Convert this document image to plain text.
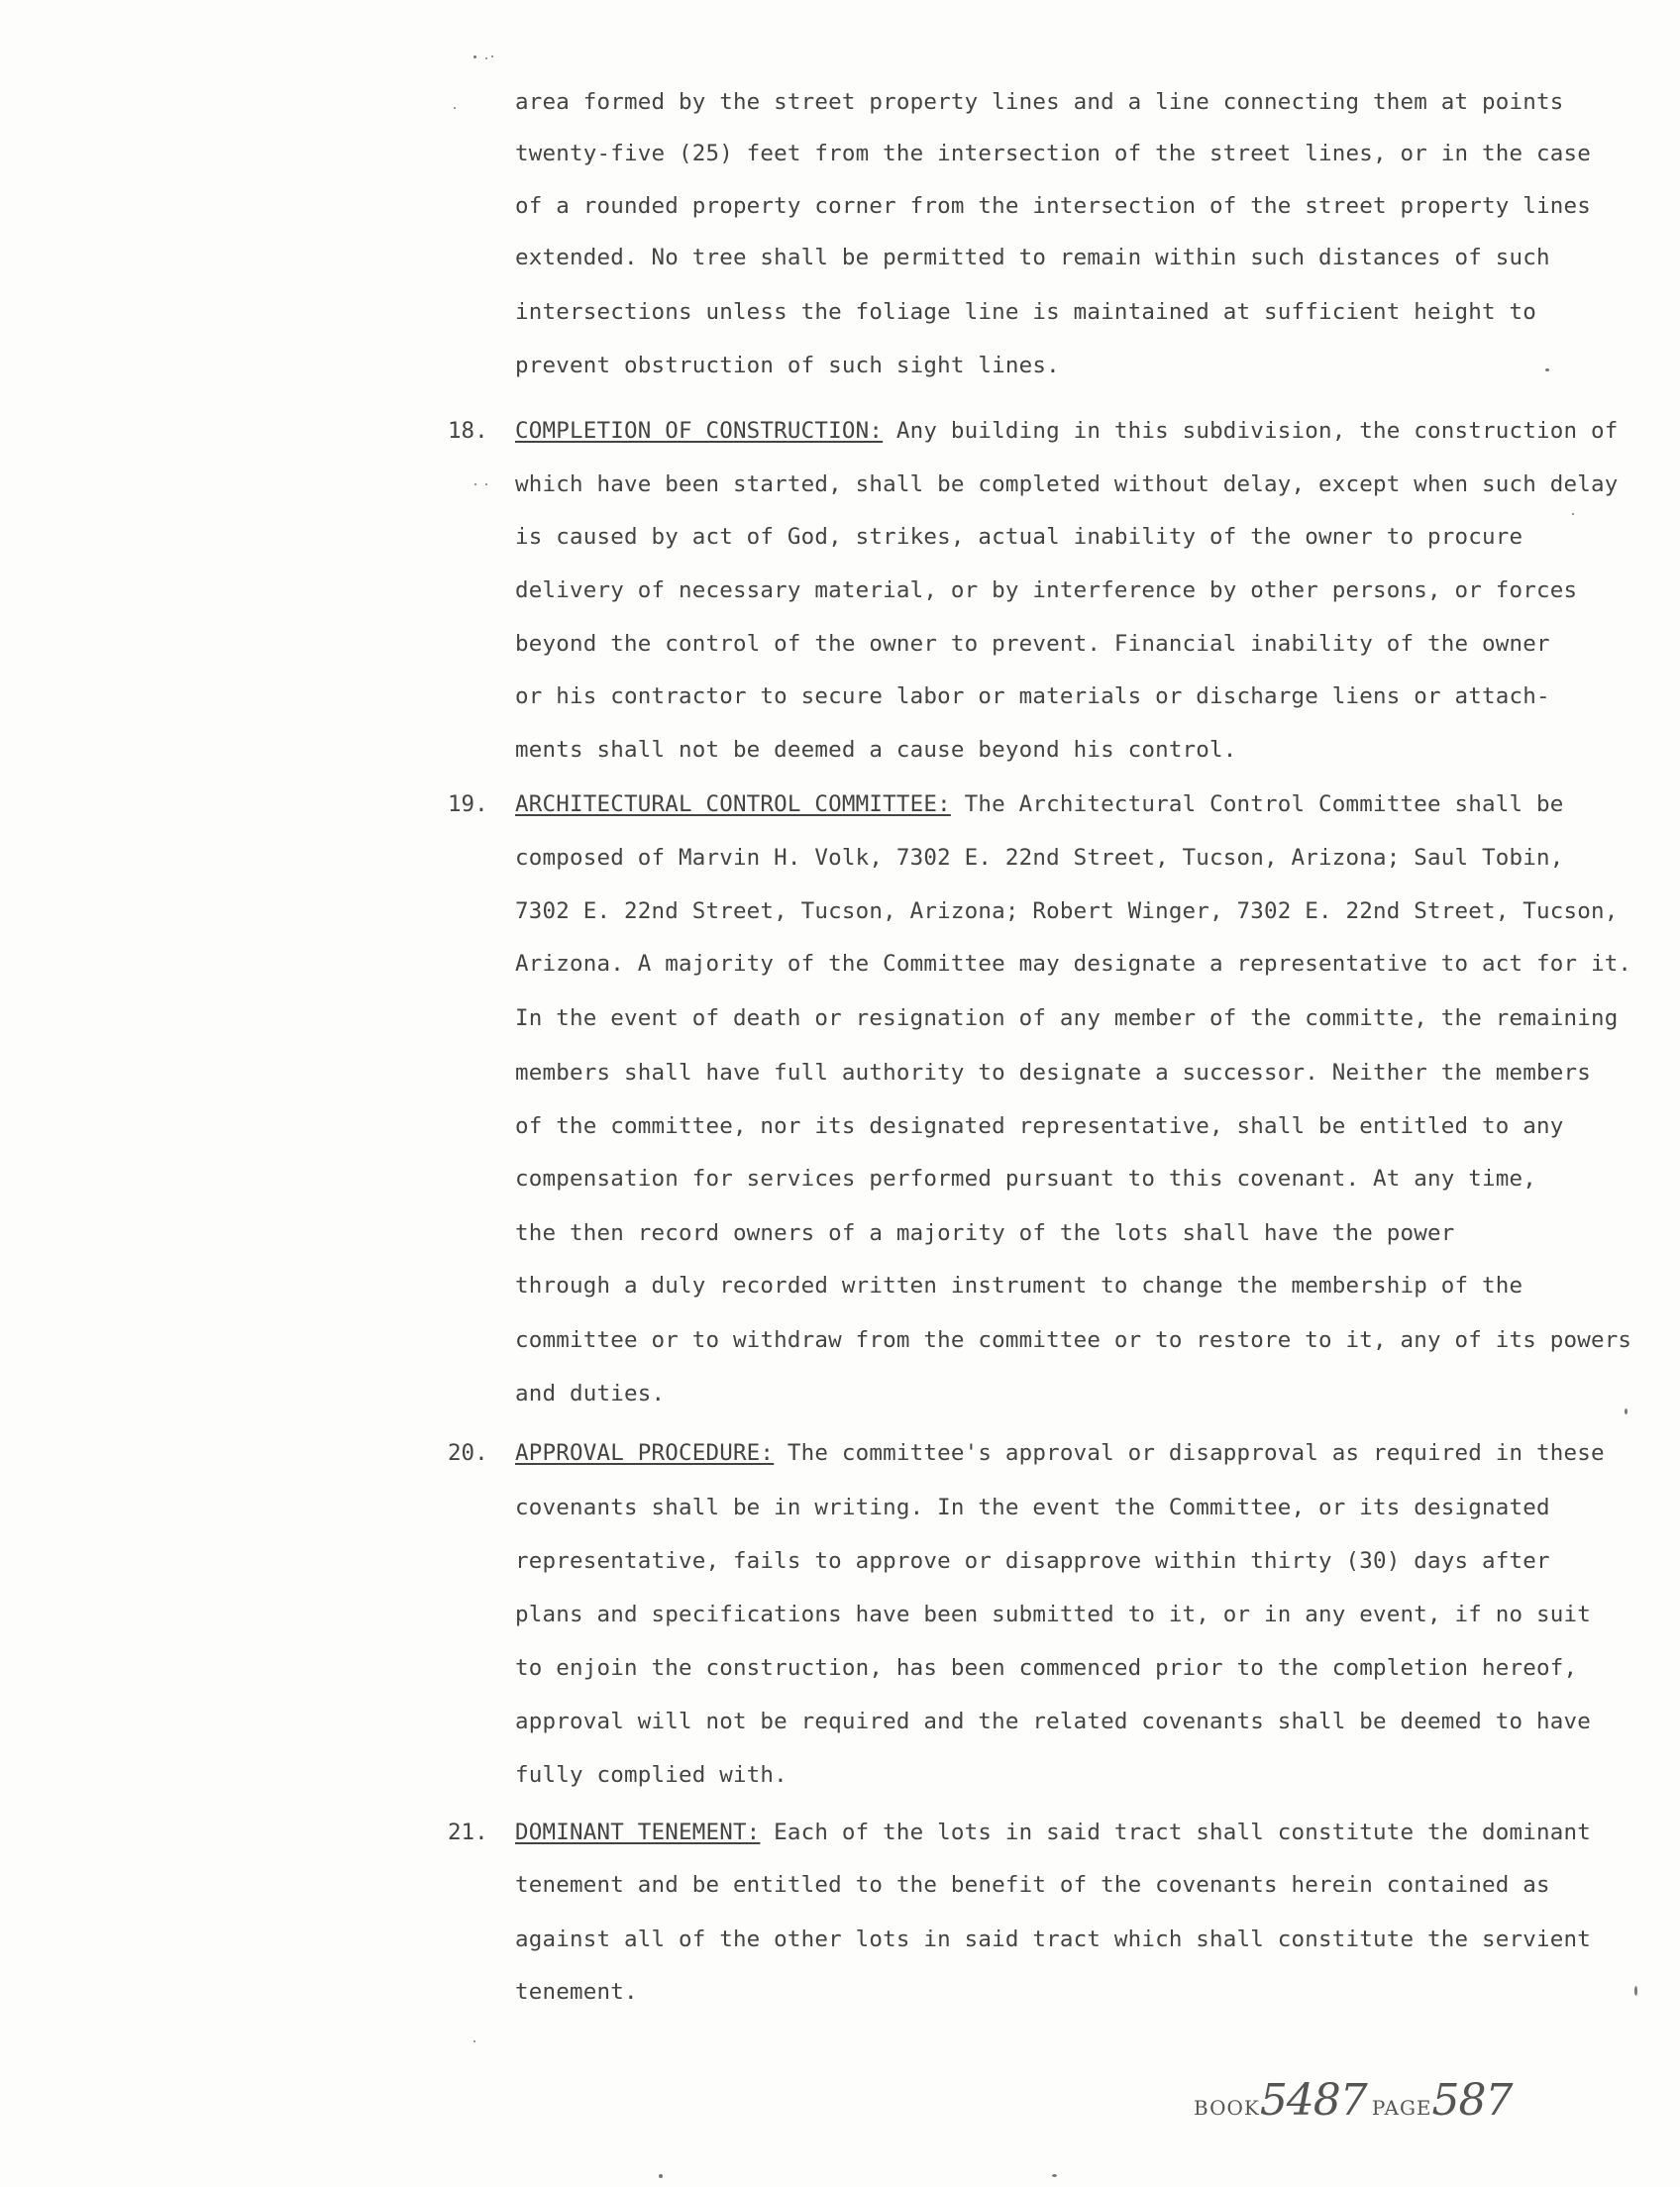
area formed by the street property lines and a line connecting them at points
twenty-five (25) feet from the intersection of the street lines, or in the case
of a rounded property corner from the intersection of the street property lines
extended. No tree shall be permitted to remain within such distances of such
intersections unless the foliage line is maintained at sufficient height to
prevent obstruction of such sight lines.
18. COMPLETION OF CONSTRUCTION: Any building in this subdivision, the construction of
which have been started, shall be completed without delay, except when such delay
is caused by act of God, strikes, actual inability of the owner to procure
delivery of necessary material, or by interference by other persons, or forces
beyond the control of the owner to prevent. Financial inability of the owner
or his contractor to secure labor or materials or discharge liens or attach-
ments shall not be deemed a cause beyond his control.
19. ARCHITECTURAL CONTROL COMMITTEE: The Architectural Control Committee shall be
composed of Marvin H. Volk, 7302 E. 22nd Street, Tucson, Arizona; Saul Tobin,
7302 E. 22nd Street, Tucson, Arizona; Robert Winger, 7302 E. 22nd Street, Tucson,
Arizona. A majority of the Committee may designate a representative to act for it.
In the event of death or resignation of any member of the committe, the remaining
members shall have full authority to designate a successor. Neither the members
of the committee, nor its designated representative, shall be entitled to any
compensation for services performed pursuant to this covenant. At any time,
the then record owners of a majority of the lots shall have the power
through a duly recorded written instrument to change the membership of the
committee or to withdraw from the committee or to restore to it, any of its powers
and duties.
20. APPROVAL PROCEDURE: The committee's approval or disapproval as required in these
covenants shall be in writing. In the event the Committee, or its designated
representative, fails to approve or disapprove within thirty (30) days after
plans and specifications have been submitted to it, or in any event, if no suit
to enjoin the construction, has been commenced prior to the completion hereof,
approval will not be required and the related covenants shall be deemed to have
fully complied with.
21. DOMINANT TENEMENT: Each of the lots in said tract shall constitute the dominant
tenement and be entitled to the benefit of the covenants herein contained as
against all of the other lots in said tract which shall constitute the servient
tenement.
BOOK5487 PAGE587
